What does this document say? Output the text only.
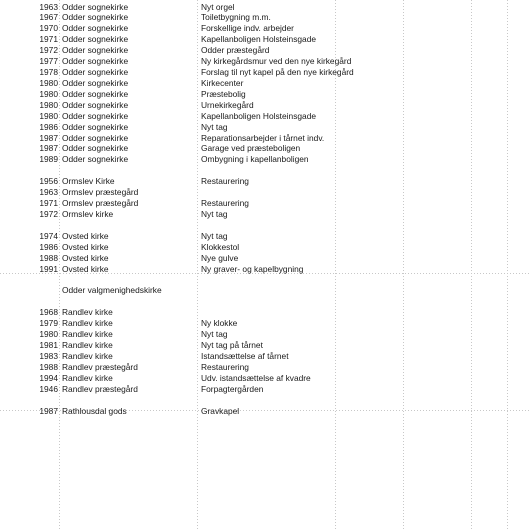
1963 Odder sognekirke	Nyt orgel
1967 Odder sognekirke	Toiletbygning m.m.
1970 Odder sognekirke	Forskellige indv. arbejder
1971 Odder sognekirke	Kapellanboligen Holsteinsgade
1972 Odder sognekirke	Odder præstegård
1977 Odder sognekirke	Ny kirkegårdsmur ved den nye kirkegård
1978 Odder sognekirke	Forslag til nyt kapel på den nye kirkegård
1980 Odder sognekirke	Kirkecenter
1980 Odder sognekirke	Præstebolig
1980 Odder sognekirke	Urnekirkegård
1980 Odder sognekirke	Kapellanboligen Holsteinsgade
1986 Odder sognekirke	Nyt tag
1987 Odder sognekirke	Reparationsarbejder i tårnet indv.
1987 Odder sognekirke	Garage ved præsteboligen
1989 Odder sognekirke	Ombygning i kapellanboligen
1956 Ormslev Kirke	Restaurering
1963 Ormslev præstegård
1971 Ormslev præstegård	Restaurering
1972 Ormslev kirke	Nyt tag
1974 Ovsted kirke	Nyt tag
1986 Ovsted kirke	Klokkestol
1988 Ovsted kirke	Nye gulve
1991 Ovsted kirke	Ny graver- og kapelbygning
Odder valgmenighedskirke
1968 Randlev kirke
1979 Randlev kirke	Ny klokke
1980 Randlev kirke	Nyt tag
1981 Randlev kirke	Nyt tag på tårnet
1983 Randlev kirke	Istandsættelse af tårnet
1988 Randlev præstegård	Restaurering
1994 Randlev kirke	Udv. istandsættelse af kvadre
1946 Randlev præstegård	Forpagtergården
1987 Rathlousdal gods	Gravkapel
